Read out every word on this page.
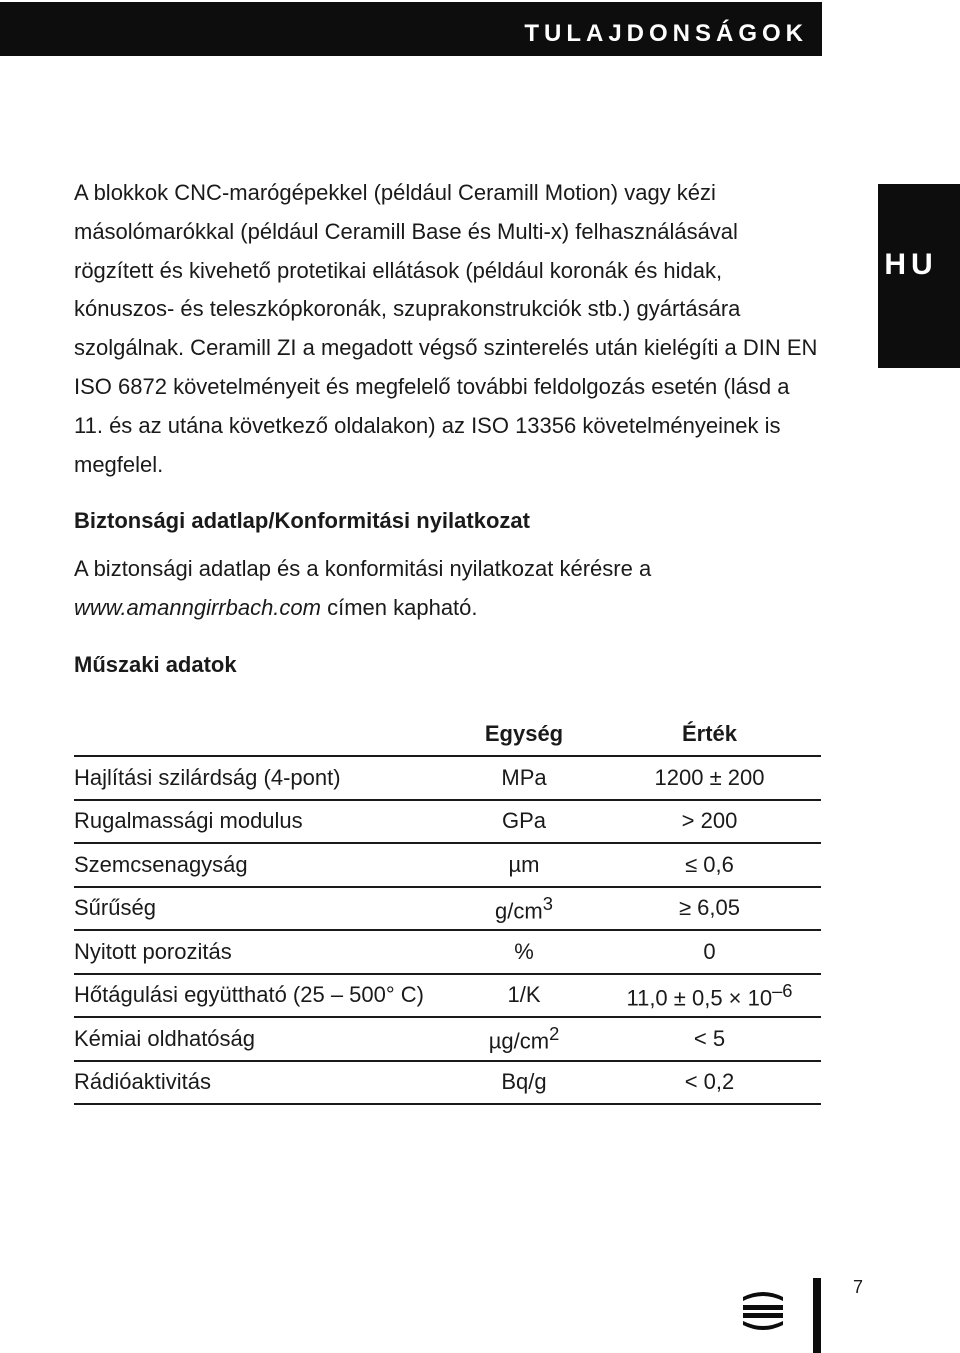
TULAJDONSÁGOK
HU

A blokkok CNC-marógépekkel (például Ceramill Motion) vagy kézi másolómarókkal (például Ceramill Base és Multi-x) felhasználásával rögzített és kivehető protetikai ellátások (például koronák és hidak, kónuszos- és teleszkópkoronák, szuprakonstrukciók stb.) gyártására szolgálnak. Ceramill ZI a megadott végső szinterelés után kielégíti a DIN EN ISO 6872 követelményeit és megfelelő további feldolgozás esetén (lásd a 11. és az utána következő oldalakon) az ISO 13356 követelményeinek is megfelel.

Biztonsági adatlap/Konformitási nyilatkozat

A biztonsági adatlap és a konformitási nyilatkozat kérésre a www.amanngirrbach.com címen kapható.

Műszaki adatok
	Egység	Érték
Hajlítási szilárdság (4-pont)	MPa	1200 ± 200
Rugalmassági modulus	GPa	> 200
Szemcsenagyság	µm	≤ 0,6
Sűrűség	$g/cm^3$	≥ 6,05
Nyitott porozitás	%	0
Hőtágulási együttható (25 – 500° C)	1/K	$11,0 \pm 0,5 \times 10^{-6}$
Kémiai oldhatóság	$\mu g/cm^2$	< 5
Rádióaktivitás	Bq/g	< 0,2
7
